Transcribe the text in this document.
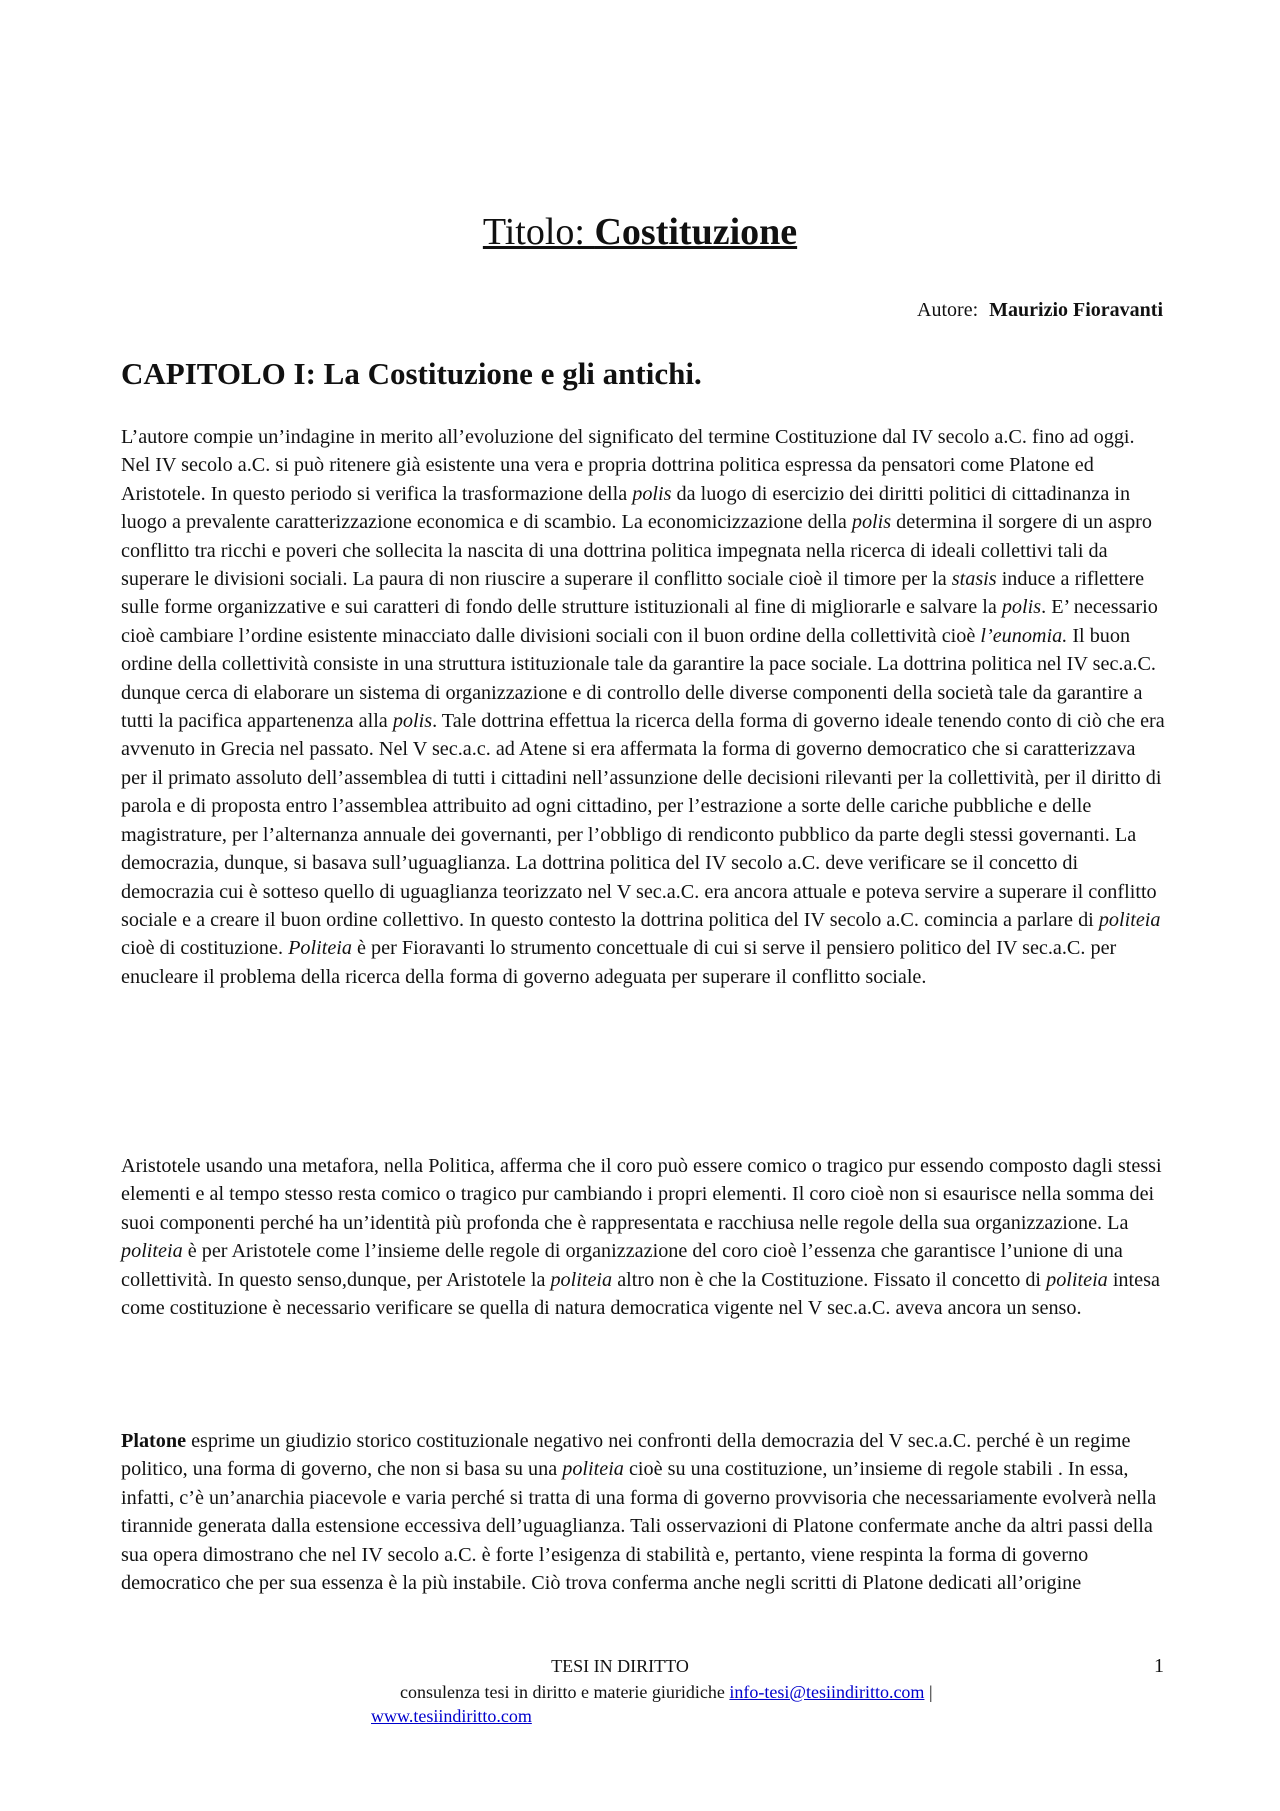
Titolo: Costituzione
Autore: Maurizio Fioravanti
CAPITOLO I: La Costituzione e gli antichi.

L’autore compie un’indagine in merito all’evoluzione del significato del termine Costituzione dal IV secolo a.C. fino ad oggi. Nel IV secolo a.C. si può ritenere già esistente una vera e propria dottrina politica espressa da pensatori come Platone ed Aristotele. In questo periodo si verifica la trasformazione della polis da luogo di esercizio dei diritti politici di cittadinanza in luogo a prevalente caratterizzazione economica e di scambio. La economicizzazione della polis determina il sorgere di un aspro conflitto tra ricchi e poveri che sollecita la nascita di una dottrina politica impegnata nella ricerca di ideali collettivi tali da superare le divisioni sociali. La paura di non riuscire a superare il conflitto sociale cioè il timore per la stasis induce a riflettere sulle forme organizzative e sui caratteri di fondo delle strutture istituzionali al fine di migliorarle e salvare la polis. E’ necessario cioè cambiare l’ordine esistente minacciato dalle divisioni sociali con il buon ordine della collettività cioè l’eunomia. Il buon ordine della collettività consiste in una struttura istituzionale tale da garantire la pace sociale. La dottrina politica nel IV sec.a.C. dunque cerca di elaborare un sistema di organizzazione e di controllo delle diverse componenti della società tale da garantire a tutti la pacifica appartenenza alla polis. Tale dottrina effettua la ricerca della forma di governo ideale tenendo conto di ciò che era avvenuto in Grecia nel passato. Nel V sec.a.c. ad Atene si era affermata la forma di governo democratico che si caratterizzava per il primato assoluto dell’assemblea di tutti i cittadini nell’assunzione delle decisioni rilevanti per la collettività, per il diritto di parola e di proposta entro l’assemblea attribuito ad ogni cittadino, per l’estrazione a sorte delle cariche pubbliche e delle magistrature, per l’alternanza annuale dei governanti, per l’obbligo di rendiconto pubblico da parte degli stessi governanti. La democrazia, dunque, si basava sull’uguaglianza. La dottrina politica del IV secolo a.C. deve verificare se il concetto di democrazia cui è sotteso quello di uguaglianza teorizzato nel V sec.a.C. era ancora attuale e poteva servire a superare il conflitto sociale e a creare il buon ordine collettivo. In questo contesto la dottrina politica del IV secolo a.C. comincia a parlare di politeia cioè di costituzione. Politeia è per Fioravanti lo strumento concettuale di cui si serve il pensiero politico del IV sec.a.C. per enucleare il problema della ricerca della forma di governo adeguata per superare il conflitto sociale.

Aristotele usando una metafora, nella Politica, afferma che il coro può essere comico o tragico pur essendo composto dagli stessi elementi e al tempo stesso resta comico o tragico pur cambiando i propri elementi. Il coro cioè non si esaurisce nella somma dei suoi componenti perché ha un’identità più profonda che è rappresentata e racchiusa nelle regole della sua organizzazione. La politeia è per Aristotele come l’insieme delle regole di organizzazione del coro cioè l’essenza che garantisce l’unione di una collettività. In questo senso,dunque, per Aristotele la politeia altro non è che la Costituzione. Fissato il concetto di politeia intesa come costituzione è necessario verificare se quella di natura democratica vigente nel V sec.a.C. aveva ancora un senso.

Platone esprime un giudizio storico costituzionale negativo nei confronti della democrazia del V sec.a.C. perché è un regime politico, una forma di governo, che non si basa su una politeia cioè su una costituzione, un’insieme di regole stabili . In essa, infatti, c’è un’anarchia piacevole e varia perché si tratta di una forma di governo provvisoria che necessariamente evolverà nella tirannide generata dalla estensione eccessiva dell’uguaglianza. Tali osservazioni di Platone confermate anche da altri passi della sua opera dimostrano che nel IV secolo a.C. è forte l’esigenza di stabilità e, pertanto, viene respinta la forma di governo democratico che per sua essenza è la più instabile. Ciò trova conferma anche negli scritti di Platone dedicati all’origine

TESI IN DIRITTO	1
consulenza tesi in diritto e materie giuridiche info-tesi@tesiindiritto.com |
www.tesiindiritto.com
